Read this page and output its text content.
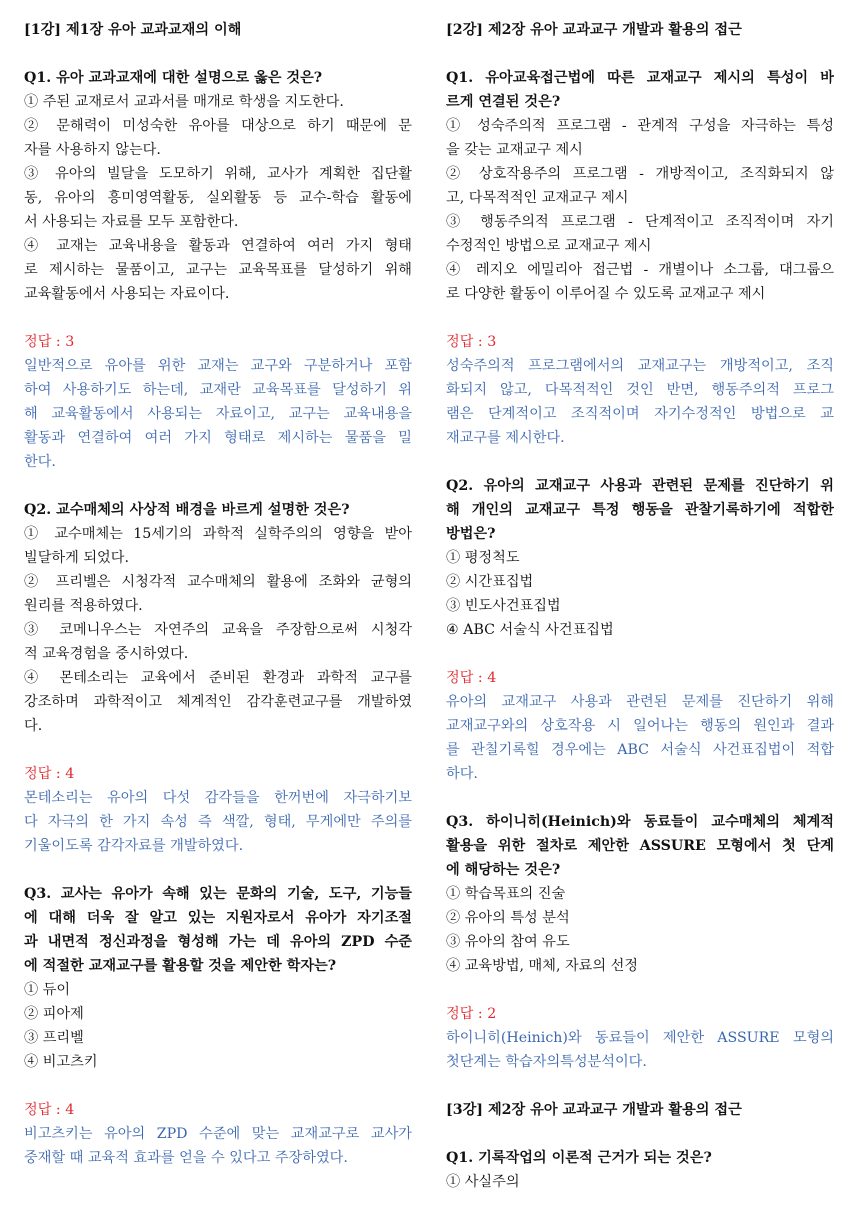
[1강] 제1장 유아 교과교재의 이해
Q1. 유아 교과교재에 대한 설명으로 옳은 것은?
① 주된 교재로서 교과서를 매개로 학생을 지도한다.
② 문해력이 미성숙한 유아를 대상으로 하기 때문에 문
자를 사용하지 않는다.
③ 유아의 빌달을 도모하기 위해, 교사가 계획한 집단활
동, 유아의 흥미영역활동, 실외활동 등 교수-학습 활동에
서 사용되는 자료를 모두 포함한다.
④ 교재는 교육내용을 활동과 연결하여 여러 가지 형태
로 제시하는 물품이고, 교구는 교육목표를 달성하기 위해
교육활동에서 사용되는 자료이다.
정답 : 3
일반적으로 유아를 위한 교재는 교구와 구분하거나 포함
하여 사용하기도 하는데, 교재란 교육목표를 달성하기 위
해 교육활동에서 사용되는 자료이고, 교구는 교육내용을
활동과 연결하여 여러 가지 형태로 제시하는 물품을 밀
한다.
Q2. 교수매체의 사상적 배경을 바르게 설명한 것은?
① 교수매체는 15세기의 과학적 실학주의의 영향을 받아
빌달하게 되었다.
② 프리벨은 시청각적 교수매체의 활용에 조화와 균형의
원리를 적용하였다.
③ 코메니우스는 자연주의 교육을 주장함으로써 시청각
적 교육경험을 중시하였다.
④ 몬테소리는 교육에서 준비된 환경과 과학적 교구를
강조하며 과학적이고 체계적인 감각훈련교구를 개발하였
다.
정답 : 4
몬테소리는 유아의 다섯 감각들을 한꺼번에 자극하기보
다 자극의 한 가지 속성 즉 색깔, 형태, 무게에만 주의를
기울이도록 감각자료를 개발하였다.
Q3. 교사는 유아가 속해 있는 문화의 기술, 도구, 기능들
에 대해 더욱 잘 알고 있는 지원자로서 유아가 자기조절
과 내면적 정신과정을 형성해 가는 데 유아의 ZPD 수준
에 적절한 교재교구를 활용할 것을 제안한 학자는?
① 듀이
② 피아제
③ 프리벨
④ 비고츠키
정답 : 4
비고츠키는 유아의 ZPD 수준에 맞는 교재교구로 교사가
중재할 때 교육적 효과를 얻을 수 있다고 주장하였다.
[2강] 제2장 유아 교과교구 개발과 활용의 접근
Q1. 유아교육접근법에 따른 교재교구 제시의 특성이 바
르게 연결된 것은?
① 성숙주의적 프로그램 - 관계적 구성을 자극하는 특성
을 갖는 교재교구 제시
② 상호작용주의 프로그램 - 개방적이고, 조직화되지 않
고, 다목적적인 교재교구 제시
③ 행동주의적 프로그램 - 단계적이고 조직적이며 자기
수정적인 방법으로 교재교구 제시
④ 레지오 에밀리아 접근법 - 개별이나 소그룹, 대그룹으
로 다양한 활동이 이루어질 수 있도록 교재교구 제시
정답 : 3
성숙주의적 프로그램에서의 교재교구는 개방적이고, 조직
화되지 않고, 다목적적인 것인 반면, 행동주의적 프로그
램은 단계적이고 조직적이며 자기수정적인 방법으로 교
재교구를 제시한다.
Q2. 유아의 교재교구 사용과 관련된 문제를 진단하기 위
해 개인의 교재교구 특정 행동을 관찰기록하기에 적합한
방법은?
① 평정척도
② 시간표집법
③ 빈도사건표집법
④ ABC 서술식 사건표집법
정답 : 4
유아의 교재교구 사용과 관련된 문제를 진단하기 위해
교재교구와의 상호작용 시 일어나는 행동의 원인과 결과
를 관칠기록힐 경우에는 ABC 서술식 사건표집법이 적합
하다.
Q3. 하이니히(Heinich)와 동료들이 교수매체의 체계적
활용을 위한 절차로 제안한 ASSURE 모형에서 첫 단계
에 해당하는 것은?
① 학습목표의 진술
② 유아의 특성 분석
③ 유아의 참여 유도
④ 교육방법, 매체, 자료의 선정
정답 : 2
하이니히(Heinich)와 동료들이 제안한 ASSURE 모형의
첫단계는 학습자의특성분석이다.
[3강] 제2장 유아 교과교구 개발과 활용의 접근
Q1. 기록작업의 이론적 근거가 되는 것은?
① 사실주의
